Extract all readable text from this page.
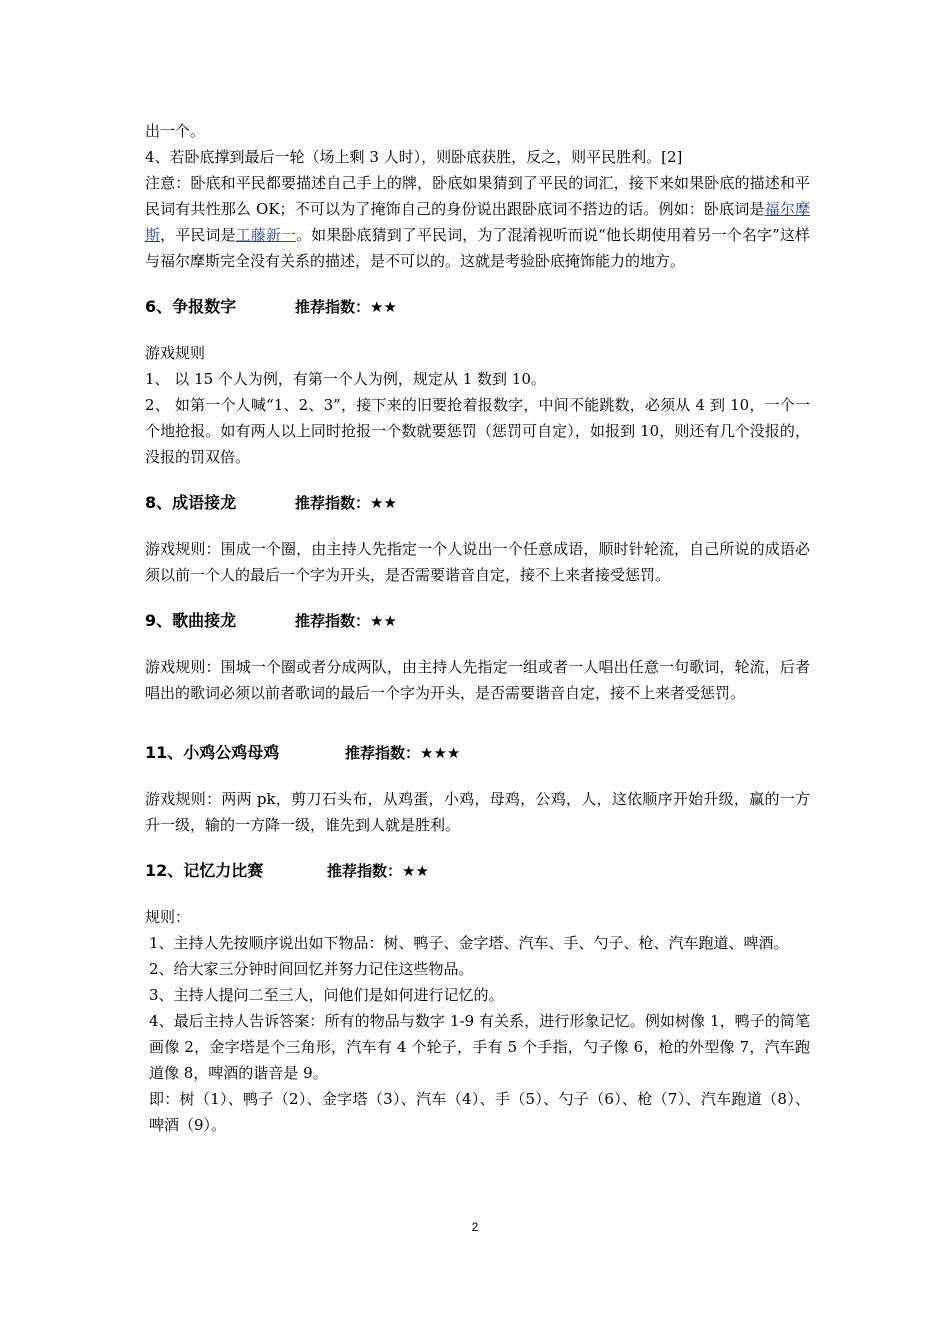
出一个。

4、若卧底撑到最后一轮（场上剩 3 人时），则卧底获胜，反之，则平民胜利。[2]

注意：卧底和平民都要描述自己手上的牌，卧底如果猜到了平民的词汇，接下来如果卧底的描述和平民词有共性那么 OK；不可以为了掩饰自己的身份说出跟卧底词不搭边的话。例如：卧底词是福尔摩斯，平民词是工藤新一。如果卧底猜到了平民词，为了混淆视听而说“他长期使用着另一个名字”这样与福尔摩斯完全没有关系的描述，是不可以的。这就是考验卧底掩饰能力的地方。

6、争报数字	推荐指数：★★

游戏规则

1、 以 15 个人为例，有第一个人为例，规定从 1 数到 10。

2、 如第一个人喊“1、2、3”，接下来的旧要抢着报数字，中间不能跳数，必须从 4 到 10，一个一个地抢报。如有两人以上同时抢报一个数就要惩罚（惩罚可自定），如报到 10，则还有几个没报的，没报的罚双倍。

8、成语接龙	推荐指数：★★

游戏规则：围成一个圈，由主持人先指定一个人说出一个任意成语，顺时针轮流，自己所说的成语必须以前一个人的最后一个字为开头，是否需要谐音自定，接不上来者接受惩罚。

9、歌曲接龙	推荐指数：★★

游戏规则：围城一个圈或者分成两队，由主持人先指定一组或者一人唱出任意一句歌词，轮流，后者唱出的歌词必须以前者歌词的最后一个字为开头，是否需要谐音自定，接不上来者受惩罚。

11、小鸡公鸡母鸡	推荐指数：★★★

游戏规则：两两 pk，剪刀石头布，从鸡蛋，小鸡，母鸡，公鸡，人，这依顺序开始升级，赢的一方升一级，输的一方降一级，谁先到人就是胜利。

12、记忆力比赛	推荐指数：★★

规则：

1、主持人先按顺序说出如下物品：树、鸭子、金字塔、汽车、手、勺子、枪、汽车跑道、啤酒。

2、给大家三分钟时间回忆并努力记住这些物品。

3、主持人提问二至三人，问他们是如何进行记忆的。

4、最后主持人告诉答案：所有的物品与数字 1-9 有关系，进行形象记忆。例如树像 1，鸭子的简笔画像 2，金字塔是个三角形，汽车有 4 个轮子，手有 5 个手指，勺子像 6，枪的外型像 7，汽车跑道像 8，啤酒的谐音是 9。

即：树（1）、鸭子（2）、金字塔（3）、汽车（4）、手（5）、勺子（6）、枪（7）、汽车跑道（8）、啤酒（9）。

2
